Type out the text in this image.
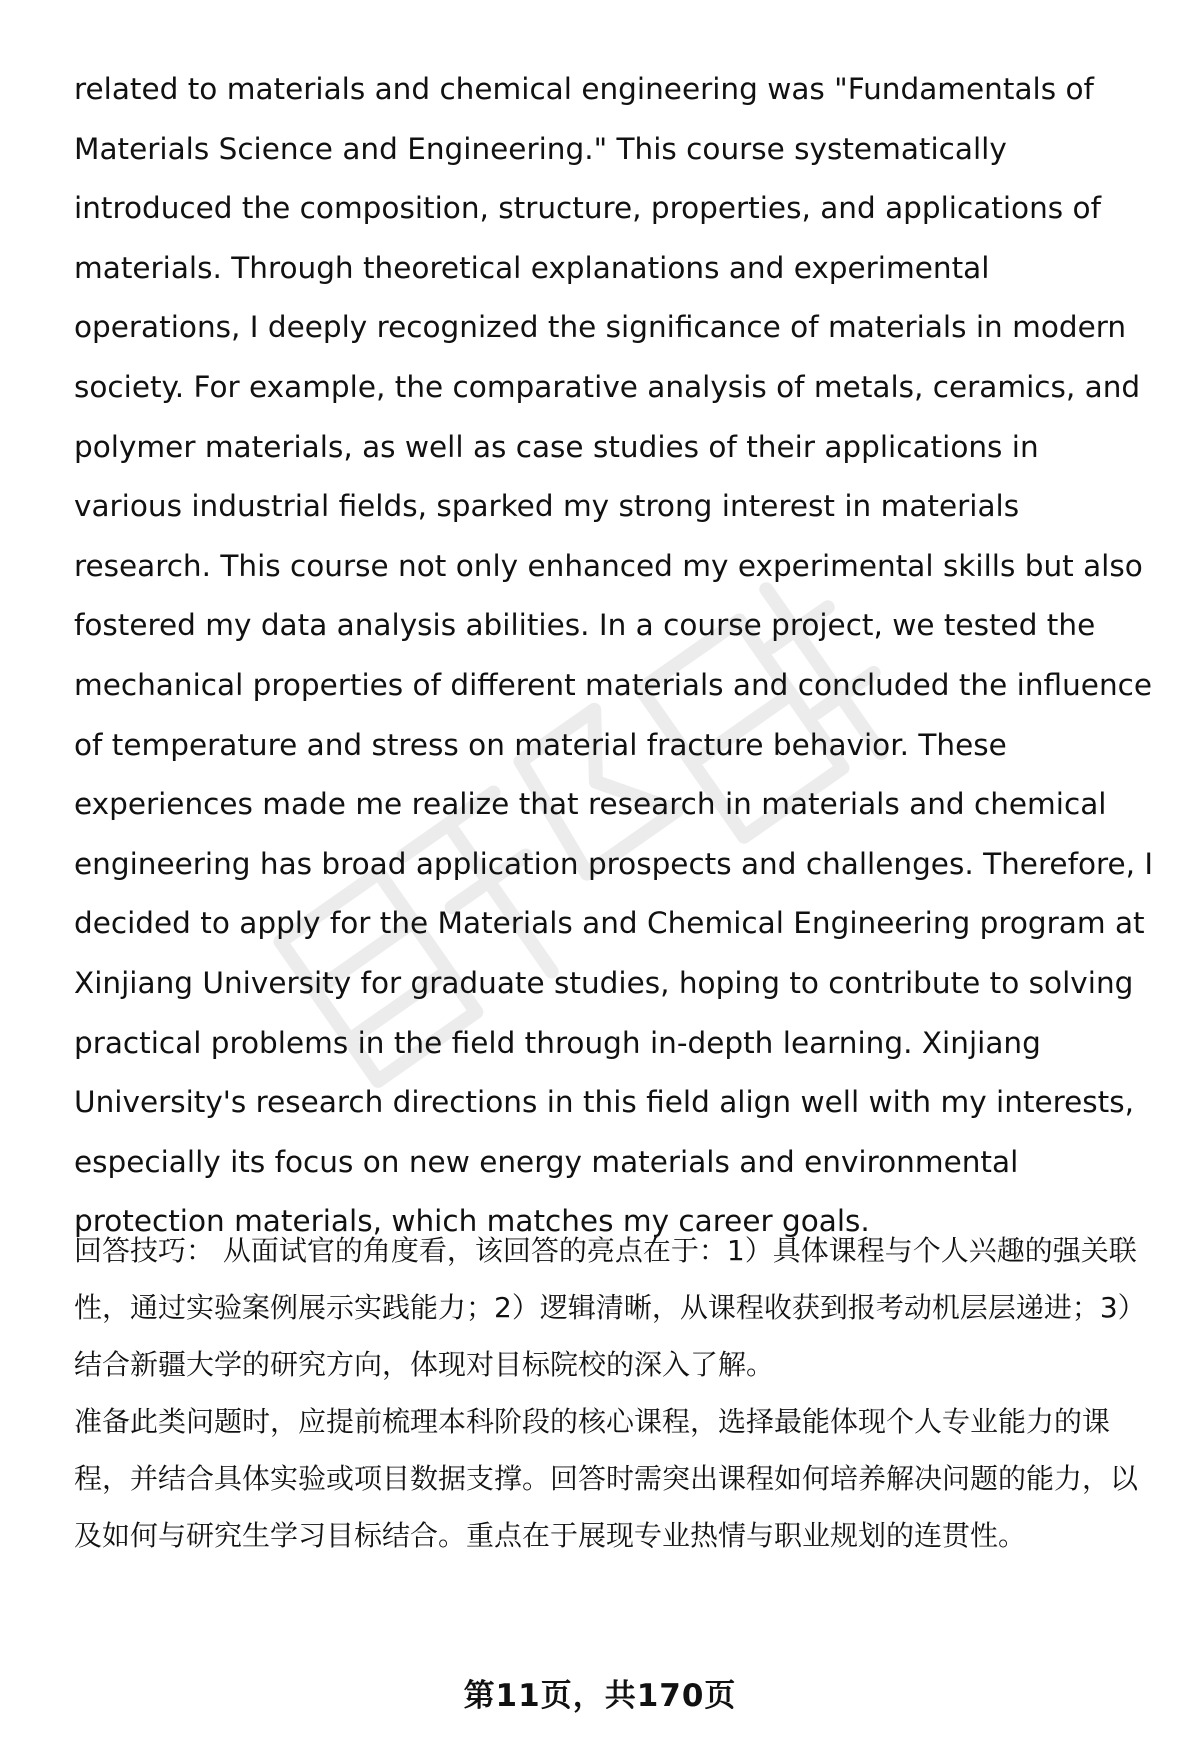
related to materials and chemical engineering was "Fundamentals of Materials Science and Engineering." This course systematically introduced the composition, structure, properties, and applications of materials. Through theoretical explanations and experimental operations, I deeply recognized the significance of materials in modern society. For example, the comparative analysis of metals, ceramics, and polymer materials, as well as case studies of their applications in various industrial fields, sparked my strong interest in materials research. This course not only enhanced my experimental skills but also fostered my data analysis abilities. In a course project, we tested the mechanical properties of different materials and concluded the influence of temperature and stress on material fracture behavior. These experiences made me realize that research in materials and chemical engineering has broad application prospects and challenges. Therefore, I decided to apply for the Materials and Chemical Engineering program at Xinjiang University for graduate studies, hoping to contribute to solving practical problems in the field through in-depth learning. Xinjiang University's research directions in this field align well with my interests, especially its focus on new energy materials and environmental protection materials, which matches my career goals.

回答技巧： 从面试官的角度看，该回答的亮点在于：1）具体课程与个人兴趣的强关联性，通过实验案例展示实践能力；2）逻辑清晰，从课程收获到报考动机层层递进；3）结合新疆大学的研究方向，体现对目标院校的深入了解。

准备此类问题时，应提前梳理本科阶段的核心课程，选择最能体现个人专业能力的课程，并结合具体实验或项目数据支撑。回答时需突出课程如何培养解决问题的能力，以及如何与研究生学习目标结合。重点在于展现专业热情与职业规划的连贯性。

第11页，共170页
